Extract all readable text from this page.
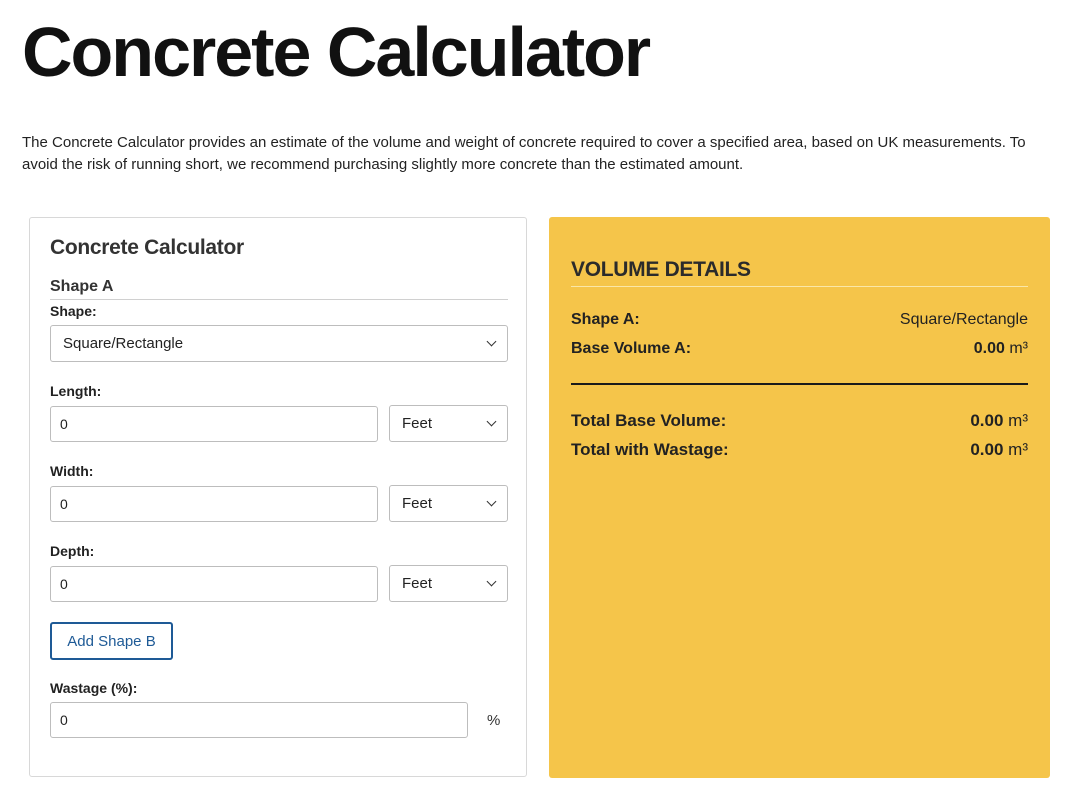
Concrete Calculator

The Concrete Calculator provides an estimate of the volume and weight of concrete required to cover a specified area, based on UK measurements. To avoid the risk of running short, we recommend purchasing slightly more concrete than the estimated amount.

Concrete Calculator
Shape A
Shape:
Square/Rectangle
Length:
0
Feet
Width:
0
Feet
Depth:
0
Feet
Add Shape B
Wastage (%):
0
%
VOLUME DETAILS
Shape A:	Square/Rectangle
Base Volume A:	0.00 m³
Total Base Volume:	0.00 m³
Total with Wastage:	0.00 m³
